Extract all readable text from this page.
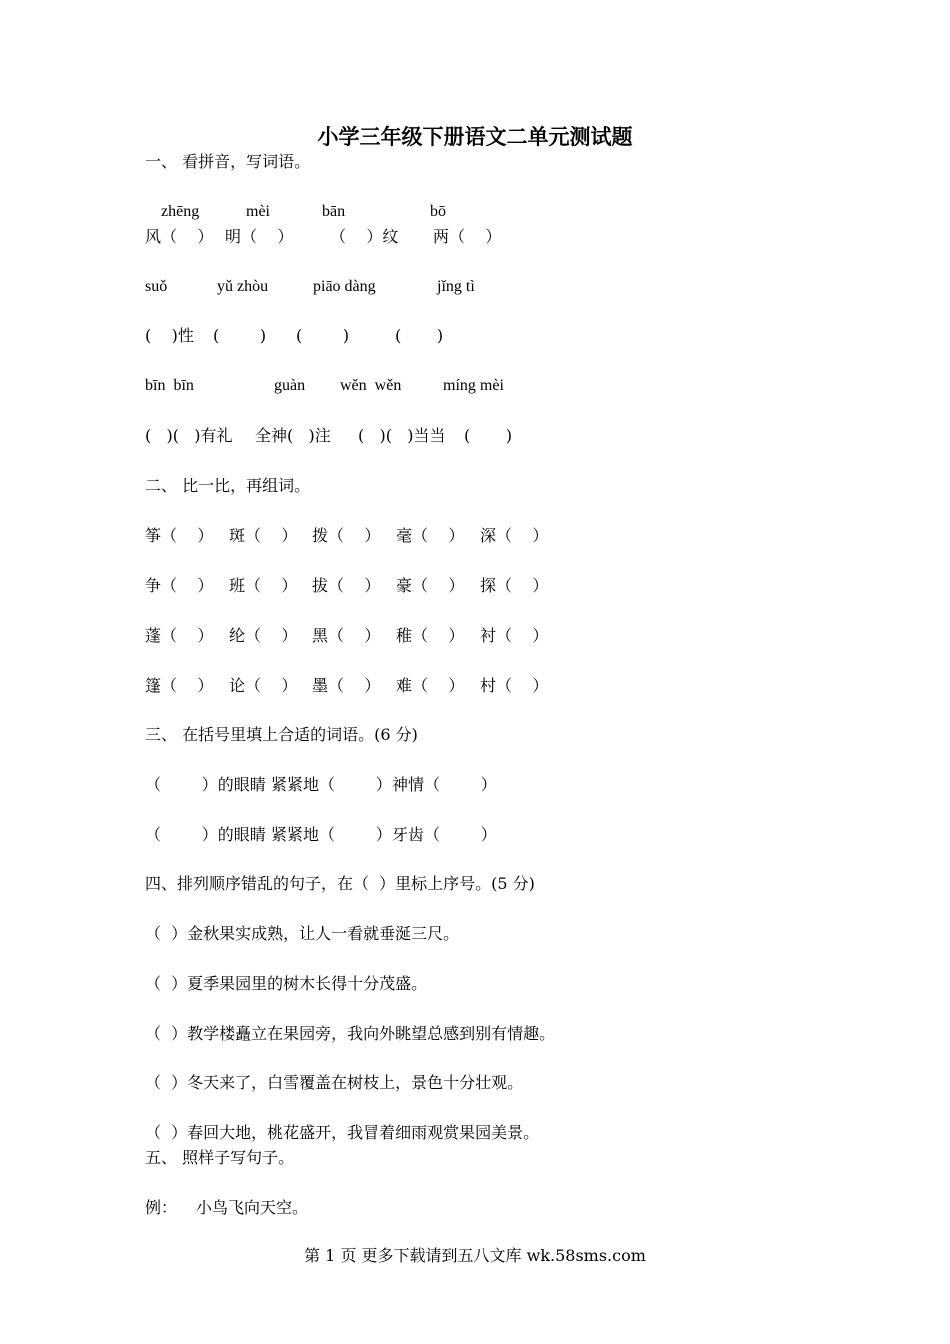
小学三年级下册语文二单元测试题
一、 看拼音，写词语。
zhēng	mèi	bān	bō
风（    ） 明（    ） （    ）纹 两（    ）
suǒ	yǔ zhòu	piāo dàng	jǐng tì
(    )性 (        ) (        )	(       )
bīn  bīn	guàn wěn  wěn	míng mèi
(   )(   )有礼 全神(   )注 (   )(   )当当 (       )
二、 比一比，再组词。
筝（    ） 斑（    ） 拨（    ） 毫（    ） 深（    ）
争（    ） 班（    ） 拔（    ） 豪（    ） 探（    ）
蓬（    ） 纶（    ） 黑（    ） 稚（    ） 衬（    ）
篷（    ） 论（    ） 墨（    ） 难（    ） 村（    ）
三、 在括号里填上合适的词语。(6 分)
（        ）的眼睛 紧紧地（        ） 神情（        ）
（        ）的眼睛 紧紧地（        ） 牙齿（        ）
四、排列顺序错乱的句子，在（  ）里标上序号。(5 分)
（  ）金秋果实成熟，让人一看就垂涎三尺。
（  ）夏季果园里的树木长得十分茂盛。
（  ）教学楼矗立在果园旁，我向外眺望总感到别有情趣。
（  ）冬天来了，白雪覆盖在树枝上，景色十分壮观。
（  ）春回大地，桃花盛开，我冒着细雨观赏果园美景。
五、 照样子写句子。
例： 小鸟飞向天空。
第 1 页 更多下载请到五八文库 wk.58sms.com
